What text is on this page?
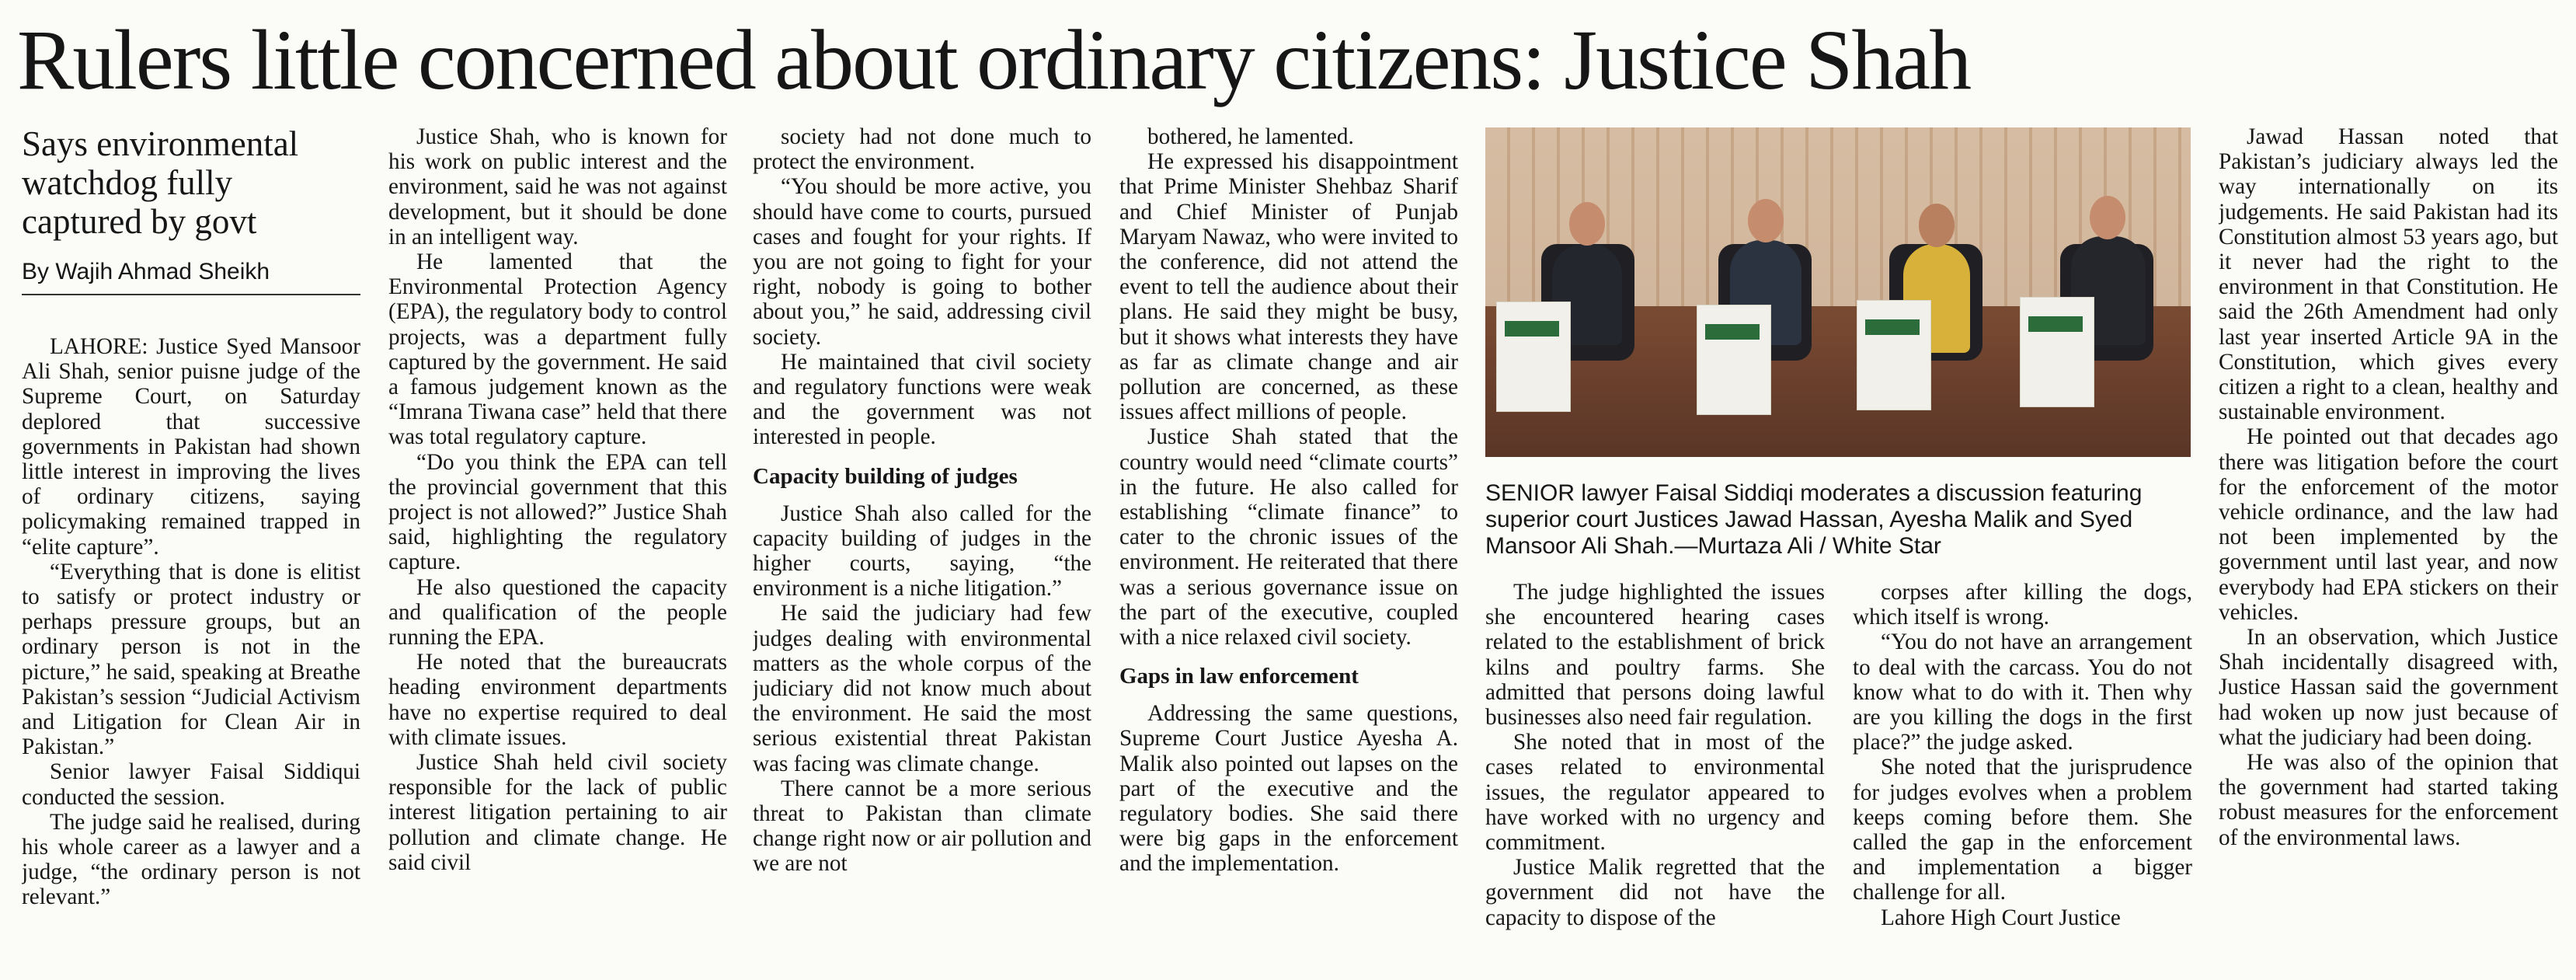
Rulers little concerned about ordinary citizens: Justice Shah
Says environmental watchdog fully captured by govt
By Wajih Ahmad Sheikh

LAHORE: Justice Syed Mansoor Ali Shah, senior puisne judge of the Supreme Court, on Saturday deplored that successive governments in Pakistan had shown little interest in improving the lives of ordinary citizens, saying policymaking remained trapped in “elite capture”.

“Everything that is done is elitist to satisfy or protect industry or perhaps pressure groups, but an ordinary person is not in the picture,” he said, speaking at Breathe Pakistan’s session “Judicial Activism and Litigation for Clean Air in Pakistan.”

Senior lawyer Faisal Siddiqui conducted the session.

The judge said he realised, during his whole career as a lawyer and a judge, “the ordinary person is not relevant.”

Justice Shah, who is known for his work on public interest and the environment, said he was not against development, but it should be done in an intelligent way.

He lamented that the Environmental Protection Agency (EPA), the regulatory body to control projects, was a department fully captured by the government. He said a famous judgement known as the “Imrana Tiwana case” held that there was total regulatory capture.

“Do you think the EPA can tell the provincial government that this project is not allowed?” Justice Shah said, highlighting the regulatory capture.

He also questioned the capacity and qualification of the people running the EPA.

He noted that the bureaucrats heading environment departments have no expertise required to deal with climate issues.

Justice Shah held civil society responsible for the lack of public interest litigation pertaining to air pollution and climate change. He said civil

society had not done much to protect the environment.

“You should be more active, you should have come to courts, pursued cases and fought for your rights. If you are not going to fight for your right, nobody is going to bother about you,” he said, addressing civil society.

He maintained that civil society and regulatory functions were weak and the government was not interested in people.

Capacity building of judges

Justice Shah also called for the capacity building of judges in the higher courts, saying, “the environment is a niche litigation.”

He said the judiciary had few judges dealing with environmental matters as the whole corpus of the judiciary did not know much about the environment. He said the most serious existential threat Pakistan was facing was climate change.

There cannot be a more serious threat to Pakistan than climate change right now or air pollution and we are not

bothered, he lamented.

He expressed his disappointment that Prime Minister Shehbaz Sharif and Chief Minister of Punjab Maryam Nawaz, who were invited to the conference, did not attend the event to tell the audience about their plans. He said they might be busy, but it shows what interests they have as far as climate change and air pollution are concerned, as these issues affect millions of people.

Justice Shah stated that the country would need “climate courts” in the future. He also called for establishing “climate finance” to cater to the chronic issues of the environment. He reiterated that there was a serious governance issue on the part of the executive, coupled with a nice relaxed civil society.

Gaps in law enforcement

Addressing the same questions, Supreme Court Justice Ayesha A. Malik also pointed out lapses on the part of the executive and the regulatory bodies. She said there were big gaps in the enforcement and the implementation.

SENIOR lawyer Faisal Siddiqi moderates a discussion featuring superior court Justices Jawad Hassan, Ayesha Malik and Syed Mansoor Ali Shah.—Murtaza Ali / White Star

The judge highlighted the issues she encountered hearing cases related to the establishment of brick kilns and poultry farms. She admitted that persons doing lawful businesses also need fair regulation.

She noted that in most of the cases related to environmental issues, the regulator appeared to have worked with no urgency and commitment.

Justice Malik regretted that the government did not have the capacity to dispose of the

corpses after killing the dogs, which itself is wrong.

“You do not have an arrangement to deal with the carcass. You do not know what to do with it. Then why are you killing the dogs in the first place?” the judge asked.

She noted that the jurisprudence for judges evolves when a problem keeps coming before them. She called the gap in the enforcement and implementation a bigger challenge for all.

Lahore High Court Justice

Jawad Hassan noted that Pakistan’s judiciary always led the way internationally on its judgements. He said Pakistan had its Constitution almost 53 years ago, but it never had the right to the environment in that Constitution. He said the 26th Amendment had only last year inserted Article 9A in the Constitution, which gives every citizen a right to a clean, healthy and sustainable environment.

He pointed out that decades ago there was litigation before the court for the enforcement of the motor vehicle ordinance, and the law had not been implemented by the government until last year, and now everybody had EPA stickers on their vehicles.

In an observation, which Justice Shah incidentally disagreed with, Justice Hassan said the government had woken up now just because of what the judiciary had been doing.

He was also of the opinion that the government had started taking robust measures for the enforcement of the environmental laws.
